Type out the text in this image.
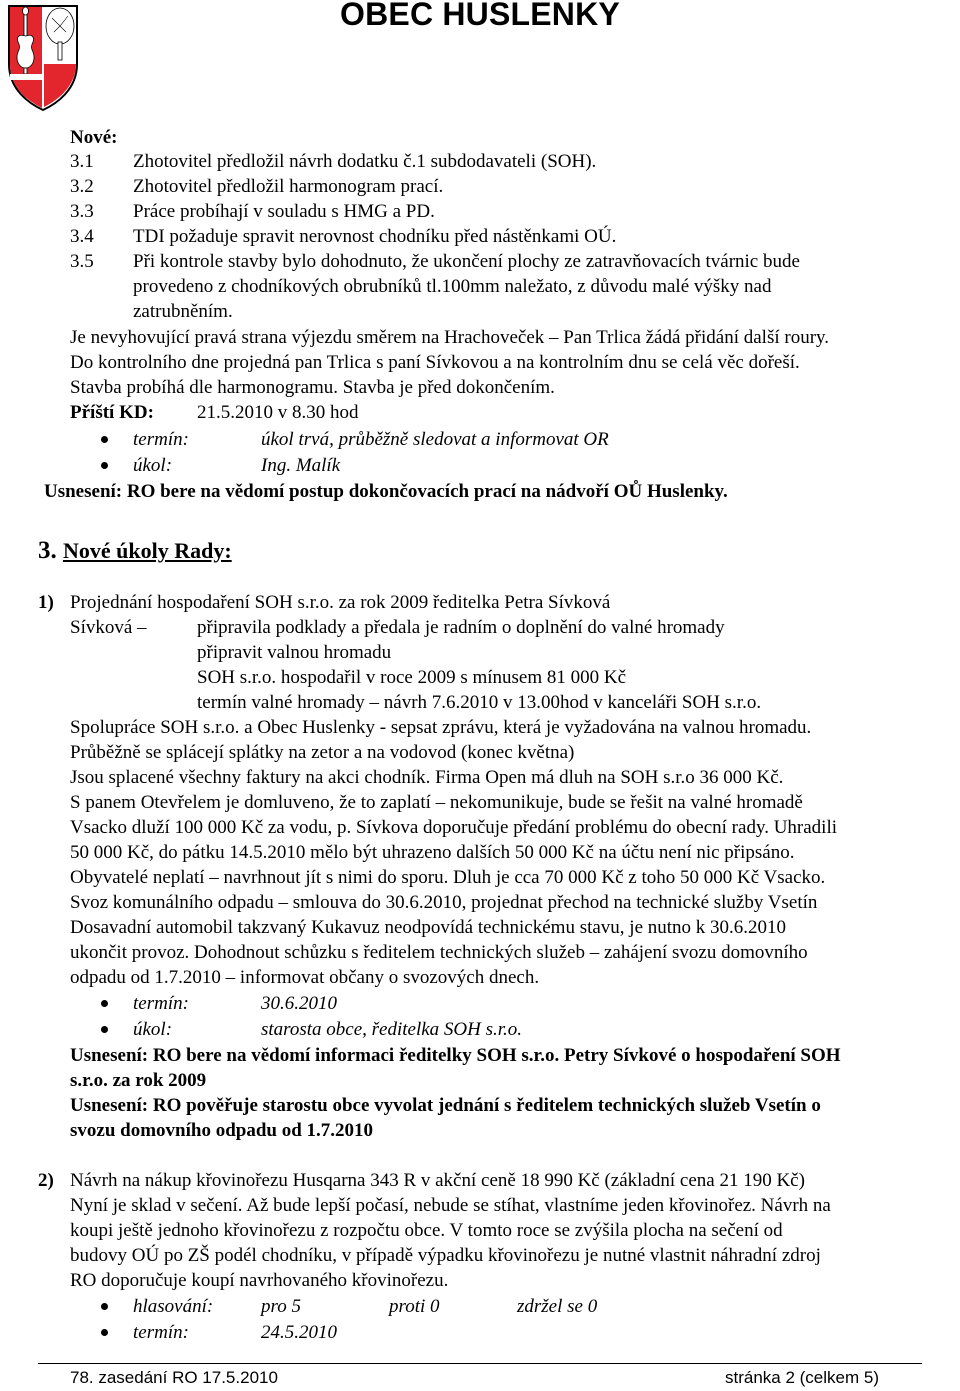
OBEC HUSLENKY
Nové:
3.1 Zhotovitel předložil návrh dodatku č.1 subdodavateli (SOH).
3.2 Zhotovitel předložil harmonogram prací.
3.3 Práce probíhají v souladu s HMG a PD.
3.4 TDI požaduje spravit nerovnost chodníku před nástěnkami OÚ.
3.5 Při kontrole stavby bylo dohodnuto, že ukončení plochy ze zatravňovacích tvárnic bude
provedeno z chodníkových obrubníků tl.100mm naležato, z důvodu malé výšky nad
zatrubněním.
Je nevyhovující pravá strana výjezdu směrem na Hrachoveček – Pan Trlica žádá přidání další roury.
Do kontrolního dne projedná pan Trlica s paní Sívkovou a na kontrolním dnu se celá věc dořeší.
Stavba probíhá dle harmonogramu. Stavba je před dokončením.
Příští KD: 21.5.2010 v 8.30 hod
termín:	úkol trvá, průběžně sledovat a informovat OR
úkol:	Ing. Malík
Usnesení: RO bere na vědomí postup dokončovacích prací na nádvoří OŮ Huslenky.
3. Nové úkoly Rady:
1) Projednání hospodaření SOH s.r.o. za rok 2009 ředitelka Petra Sívková
Sívková –	připravila podklady a předala je radním o doplnění do valné hromady
připravit valnou hromadu
SOH s.r.o. hospodařil v roce 2009 s mínusem 81 000 Kč
termín valné hromady – návrh 7.6.2010 v 13.00hod v kanceláři SOH s.r.o.
Spolupráce SOH s.r.o. a Obec Huslenky - sepsat zprávu, která je vyžadována na valnou hromadu.
Průběžně se splácejí splátky na zetor a na vodovod (konec května)
Jsou splacené všechny faktury na akci chodník. Firma Open má dluh na SOH s.r.o 36 000 Kč.
S panem Otevřelem je domluveno, že to zaplatí – nekomunikuje, bude se řešit na valné hromadě
Vsacko dluží 100 000 Kč za vodu, p. Sívkova doporučuje předání problému do obecní rady. Uhradili
50 000 Kč, do pátku 14.5.2010 mělo být uhrazeno dalších 50 000 Kč na účtu není nic připsáno.
Obyvatelé neplatí – navrhnout jít s nimi do sporu. Dluh je cca 70 000 Kč z toho 50 000 Kč Vsacko.
Svoz komunálního odpadu – smlouva do 30.6.2010, projednat přechod na technické služby Vsetín
Dosavadní automobil takzvaný Kukavuz neodpovídá technickému stavu, je nutno k 30.6.2010
ukončit provoz. Dohodnout schůzku s ředitelem technických služeb – zahájení svozu domovního
odpadu od 1.7.2010 – informovat občany o svozových dnech.
termín:	30.6.2010
úkol:	starosta obce, ředitelka SOH s.r.o.
Usnesení: RO bere na vědomí informaci ředitelky SOH s.r.o. Petry Sívkové o hospodaření SOH
s.r.o. za rok 2009
Usnesení: RO pověřuje starostu obce vyvolat jednání s ředitelem technických služeb Vsetín o
svozu domovního odpadu od 1.7.2010
2) Návrh na nákup křovinořezu Husqarna 343 R v akční ceně 18 990 Kč (základní cena 21 190 Kč)
Nyní je sklad v sečení. Až bude lepší počasí, nebude se stíhat, vlastníme jeden křovinořez. Návrh na
koupi ještě jednoho křovinořezu z rozpočtu obce. V tomto roce se zvýšila plocha na sečení od
budovy OÚ po ZŠ podél chodníku, v případě výpadku křovinořezu je nutné vlastnit náhradní zdroj
RO doporučuje koupí navrhovaného křovinořezu.
hlasování:	pro 5	proti 0	zdržel se 0
termín:	24.5.2010
78. zasedání RO 17.5.2010	stránka 2 (celkem 5)
